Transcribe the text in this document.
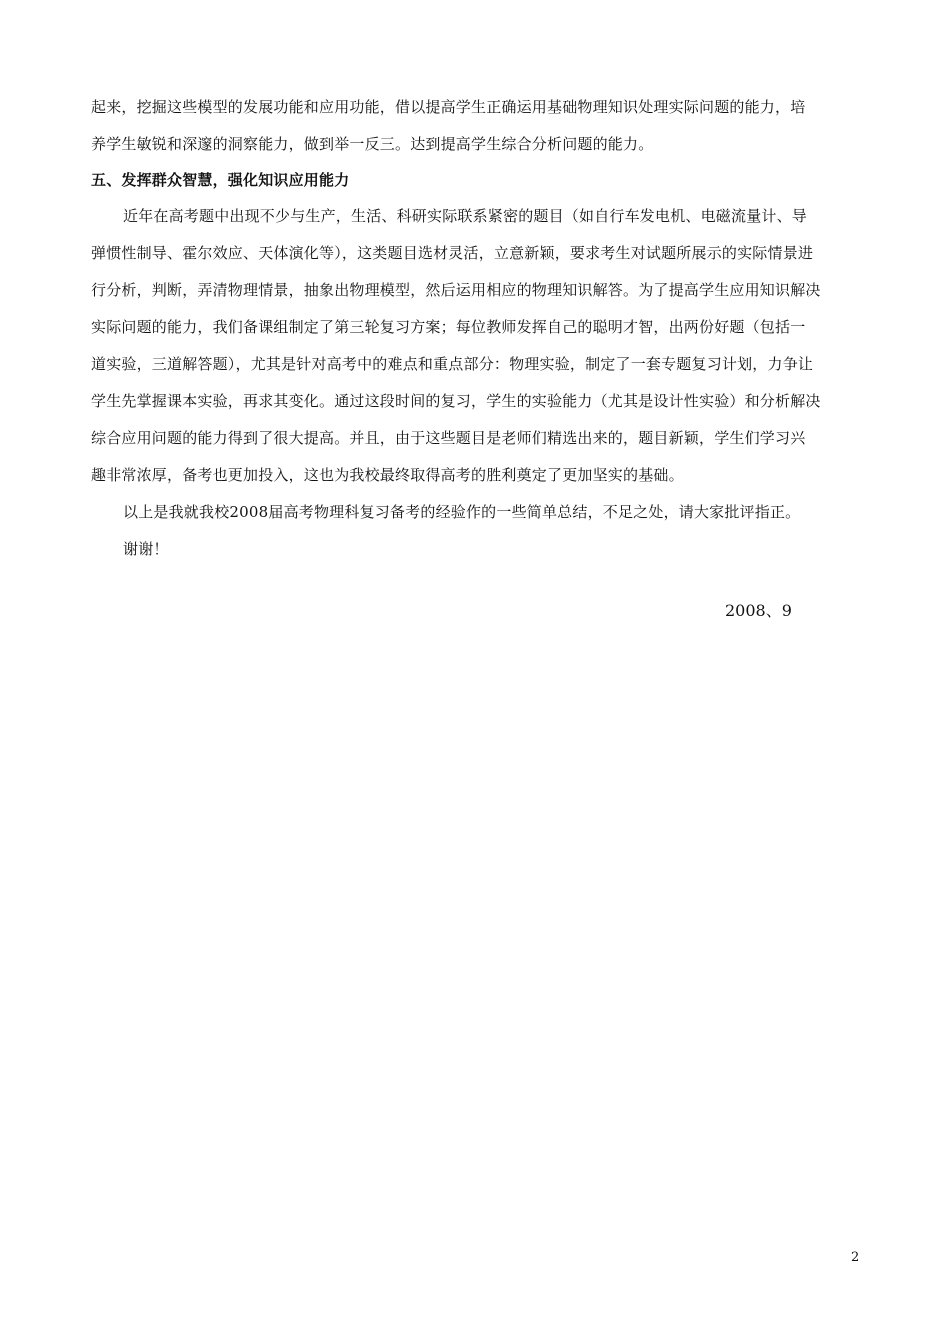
起来，挖掘这些模型的发展功能和应用功能，借以提高学生正确运用基础物理知识处理实际问题的能力，培
养学生敏锐和深邃的洞察能力，做到举一反三。达到提高学生综合分析问题的能力。
五、发挥群众智慧，强化知识应用能力
近年在高考题中出现不少与生产，生活、科研实际联系紧密的题目（如自行车发电机、电磁流量计、导
弹惯性制导、霍尔效应、天体演化等），这类题目选材灵活，立意新颖，要求考生对试题所展示的实际情景进
行分析，判断，弄清物理情景，抽象出物理模型，然后运用相应的物理知识解答。为了提高学生应用知识解决
实际问题的能力，我们备课组制定了第三轮复习方案；每位教师发挥自己的聪明才智，出两份好题（包括一
道实验，三道解答题），尤其是针对高考中的难点和重点部分：物理实验，制定了一套专题复习计划，力争让
学生先掌握课本实验，再求其变化。通过这段时间的复习，学生的实验能力（尤其是设计性实验）和分析解决
综合应用问题的能力得到了很大提高。并且，由于这些题目是老师们精选出来的，题目新颖，学生们学习兴
趣非常浓厚，备考也更加投入，这也为我校最终取得高考的胜利奠定了更加坚实的基础。
以上是我就我校2008届高考物理科复习备考的经验作的一些简单总结，不足之处，请大家批评指正。
谢谢！
2008、9
2
